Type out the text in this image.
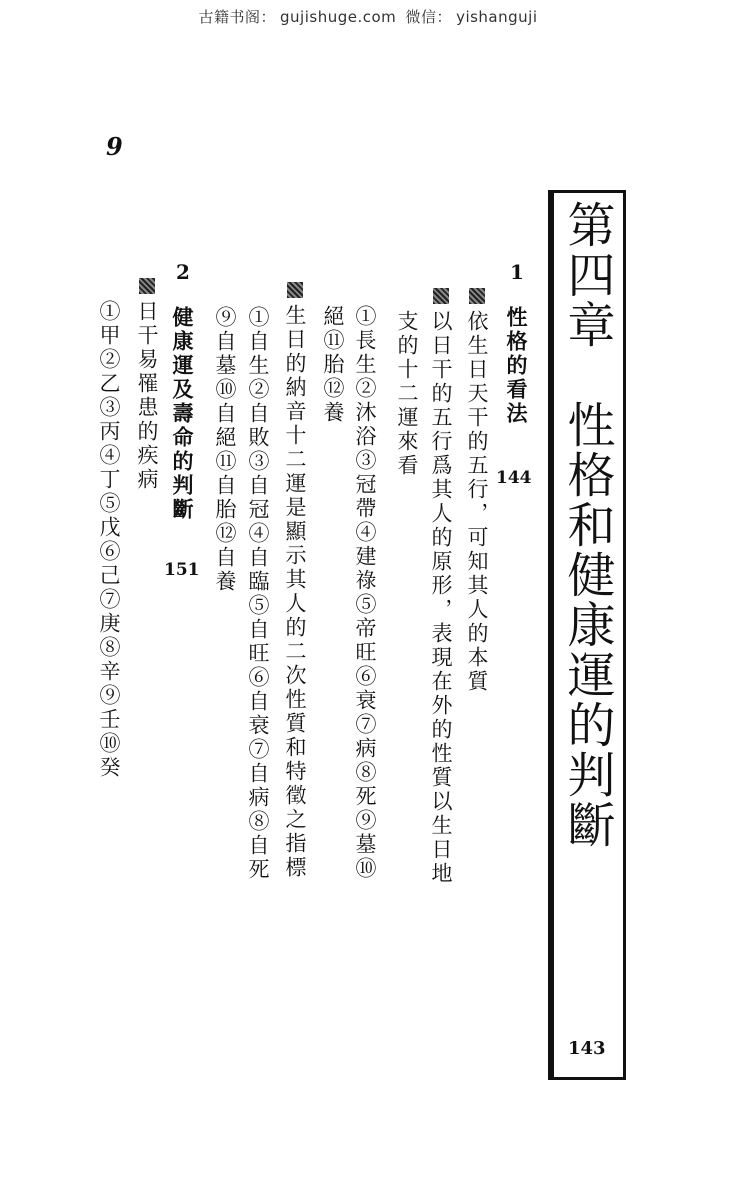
古籍书阁： gujishuge.com 微信： yishanguji
9
第四章　性格和健康運的判斷
143
1
性格的看法
144
依生日天干的五行，可知其人的本質
以日干的五行爲其人的原形，表現在外的性質以生日地
支的十二運來看
①長生②沐浴③冠帶④建祿⑤帝旺⑥衰⑦病⑧死⑨墓⑩
絕⑪胎⑫養
生日的納音十二運是顯示其人的二次性質和特徵之指標
①自生②自敗③自冠④自臨⑤自旺⑥自衰⑦自病⑧自死
⑨自墓⑩自絕⑪自胎⑫自養
2
健康運及壽命的判斷
151
日干易罹患的疾病
①甲②乙③丙④丁⑤戊⑥己⑦庚⑧辛⑨壬⑩癸
